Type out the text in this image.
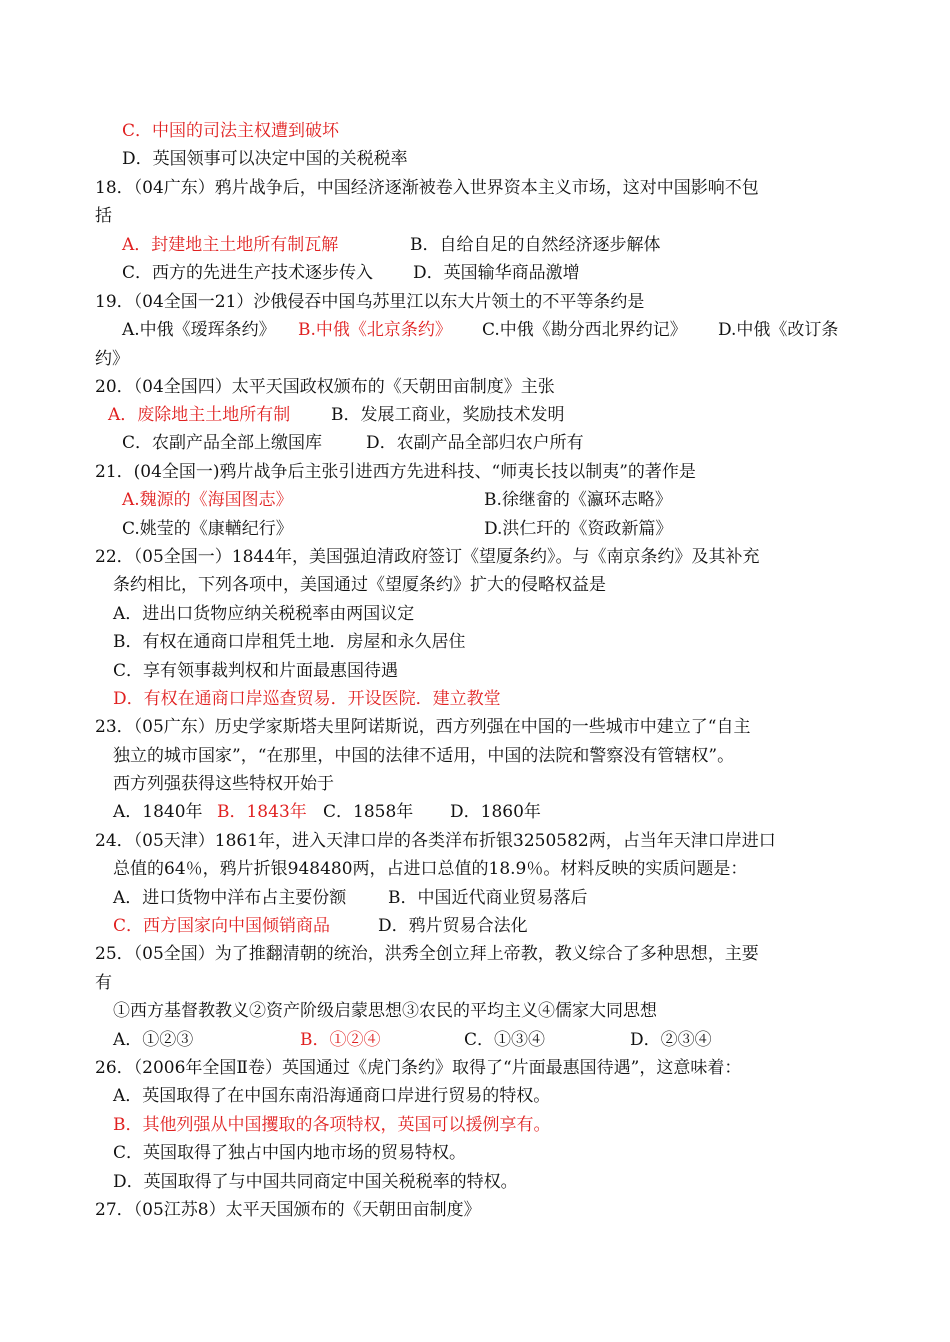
C．中国的司法主权遭到破坏
D．英国领事可以决定中国的关税税率
18．（04广东）鸦片战争后，中国经济逐渐被卷入世界资本主义市场，这对中国影响不包
括
A．封建地主土地所有制瓦解	B．自给自足的自然经济逐步解体
C．西方的先进生产技术逐步传入 D．英国输华商品激增
19．（04全国一21）沙俄侵吞中国乌苏里江以东大片领土的不平等条约是
A.中俄《瑷珲条约》 B.中俄《北京条约》 C.中俄《勘分西北界约记》 D.中俄《改订条
约》
20．（04全国四）太平天国政权颁布的《天朝田亩制度》主张
A．废除地主土地所有制 B．发展工商业，奖励技术发明
C．农副产品全部上缴国库	D．农副产品全部归农户所有
21．(04全国一)鸦片战争后主张引进西方先进科技、“师夷长技以制夷”的著作是
A.魏源的《海国图志》	B.徐继畲的《瀛环志略》
C.姚莹的《康輶纪行》	D.洪仁玕的《资政新篇》
22．（05全国一）1844年，美国强迫清政府签订《望厦条约》。与《南京条约》及其补充
条约相比，下列各项中，美国通过《望厦条约》扩大的侵略权益是
A．进出口货物应纳关税税率由两国议定
B．有权在通商口岸租凭土地．房屋和永久居住
C．享有领事裁判权和片面最惠国待遇
D．有权在通商口岸巡查贸易．开设医院．建立教堂
23．（05广东）历史学家斯塔夫里阿诺斯说，西方列强在中国的一些城市中建立了“自主
独立的城市国家”，“在那里，中国的法律不适用，中国的法院和警察没有管辖权”。
西方列强获得这些特权开始于
A．1840年 B．1843年 C．1858年 D．1860年
24．（05天津）1861年，进入天津口岸的各类洋布折银3250582两，占当年天津口岸进口
总值的64％，鸦片折银948480两，占进口总值的18.9％。材料反映的实质问题是：
A．进口货物中洋布占主要份额 B．中国近代商业贸易落后
C．西方国家向中国倾销商品	D．鸦片贸易合法化
25．（05全国）为了推翻清朝的统治，洪秀全创立拜上帝教，教义综合了多种思想，主要
有
①西方基督教教义②资产阶级启蒙思想③农民的平均主义④儒家大同思想
A．①②③	B．①②④	C．①③④	D．②③④
26．（2006年全国Ⅱ卷）英国通过《虎门条约》取得了“片面最惠国待遇”，这意味着：
A．英国取得了在中国东南沿海通商口岸进行贸易的特权。
B．其他列强从中国攫取的各项特权，英国可以援例享有。
C．英国取得了独占中国内地市场的贸易特权。
D．英国取得了与中国共同商定中国关税税率的特权。
27．（05江苏8）太平天国颁布的《天朝田亩制度》
